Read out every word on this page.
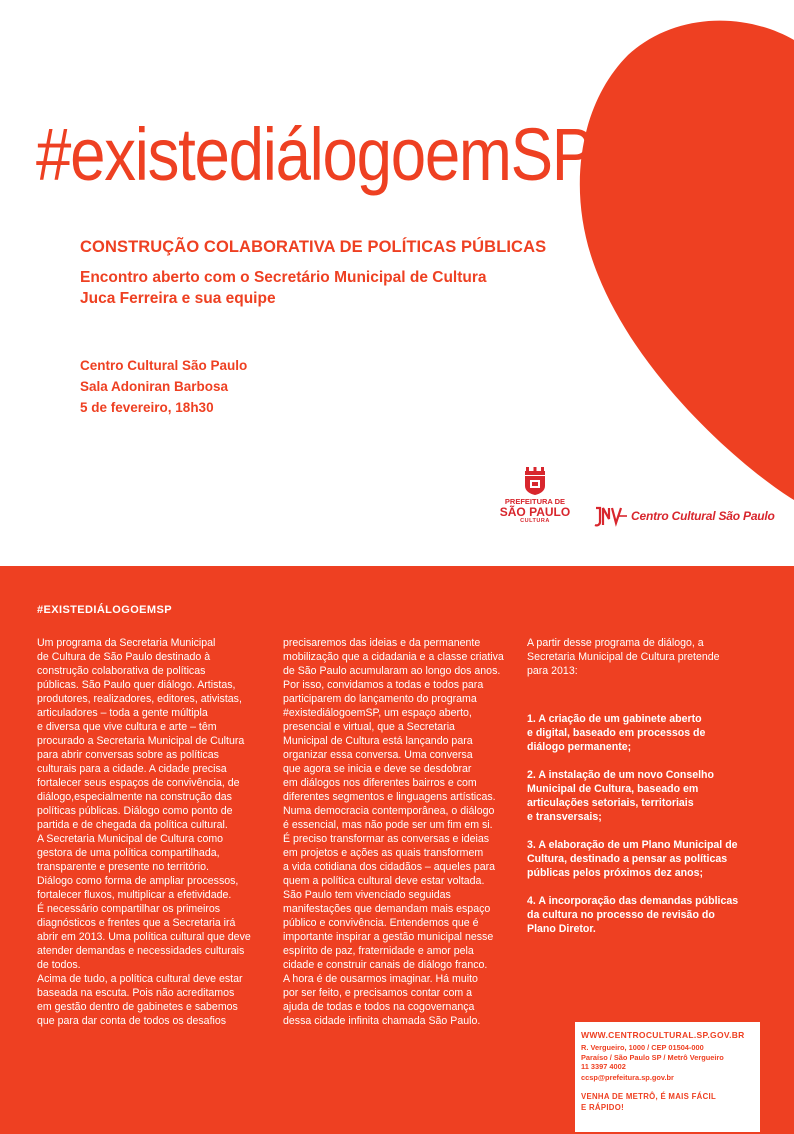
#existediálogoemSP
CONSTRUÇÃO COLABORATIVA DE POLÍTICAS PÚBLICAS
Encontro aberto com o Secretário Municipal de Cultura
Juca Ferreira e sua equipe
Centro Cultural São Paulo
Sala Adoniran Barbosa
5 de fevereiro, 18h30
PREFEITURA DE
SÃO PAULO
CULTURA	Centro Cultural São Paulo
#EXISTEDIÁLOGOEMSP

Um programa da Secretaria Municipal

de Cultura de São Paulo destinado à

construção colaborativa de políticas

públicas. São Paulo quer diálogo. Artistas,

produtores, realizadores, editores, ativistas,

articuladores – toda a gente múltipla

e diversa que vive cultura e arte – têm

procurado a Secretaria Municipal de Cultura

para abrir conversas sobre as políticas

culturais para a cidade. A cidade precisa

fortalecer seus espaços de convivência, de

diálogo,especialmente na construção das

políticas públicas. Diálogo como ponto de

partida e de chegada da política cultural.

A Secretaria Municipal de Cultura como

gestora de uma política compartilhada,

transparente e presente no território.

Diálogo como forma de ampliar processos,

fortalecer fluxos, multiplicar a efetividade.

É necessário compartilhar os primeiros

diagnósticos e frentes que a Secretaria irá

abrir em 2013. Uma política cultural que deve

atender demandas e necessidades culturais

de todos.

Acima de tudo, a política cultural deve estar

baseada na escuta. Pois não acreditamos

em gestão dentro de gabinetes e sabemos

que para dar conta de todos os desafios

precisaremos das ideias e da permanente

mobilização que a cidadania e a classe criativa

de São Paulo acumularam ao longo dos anos.

Por isso, convidamos a todas e todos para

participarem do lançamento do programa

#existediálogoemSP, um espaço aberto,

presencial e virtual, que a Secretaria

Municipal de Cultura está lançando para

organizar essa conversa. Uma conversa

que agora se inicia e deve se desdobrar

em diálogos nos diferentes bairros e com

diferentes segmentos e linguagens artísticas.

Numa democracia contemporânea, o diálogo

é essencial, mas não pode ser um fim em si.

É preciso transformar as conversas e ideias

em projetos e ações as quais transformem

a vida cotidiana dos cidadãos – aqueles para

quem a política cultural deve estar voltada.

São Paulo tem vivenciado seguidas

manifestações que demandam mais espaço

público e convivência. Entendemos que é

importante inspirar a gestão municipal nesse

espírito de paz, fraternidade e amor pela

cidade e construir canais de diálogo franco.

A hora é de ousarmos imaginar. Há muito

por ser feito, e precisamos contar com a

ajuda de todas e todos na cogovernança

dessa cidade infinita chamada São Paulo.

A partir desse programa de diálogo, a

Secretaria Municipal de Cultura pretende

para 2013:

1. A criação de um gabinete aberto

e digital, baseado em processos de

diálogo permanente;

2. A instalação de um novo Conselho

Municipal de Cultura, baseado em

articulações setoriais, territoriais

e transversais;

3. A elaboração de um Plano Municipal de

Cultura, destinado a pensar as políticas

públicas pelos próximos dez anos;

4. A incorporação das demandas públicas

da cultura no processo de revisão do

Plano Diretor.

WWW.CENTROCULTURAL.SP.GOV.BR
R. Vergueiro, 1000 / CEP 01504-000
Paraíso / São Paulo SP / Metrô Vergueiro
11 3397 4002
ccsp@prefeitura.sp.gov.br
VENHA DE METRÔ, É MAIS FÁCIL
E RÁPIDO!
